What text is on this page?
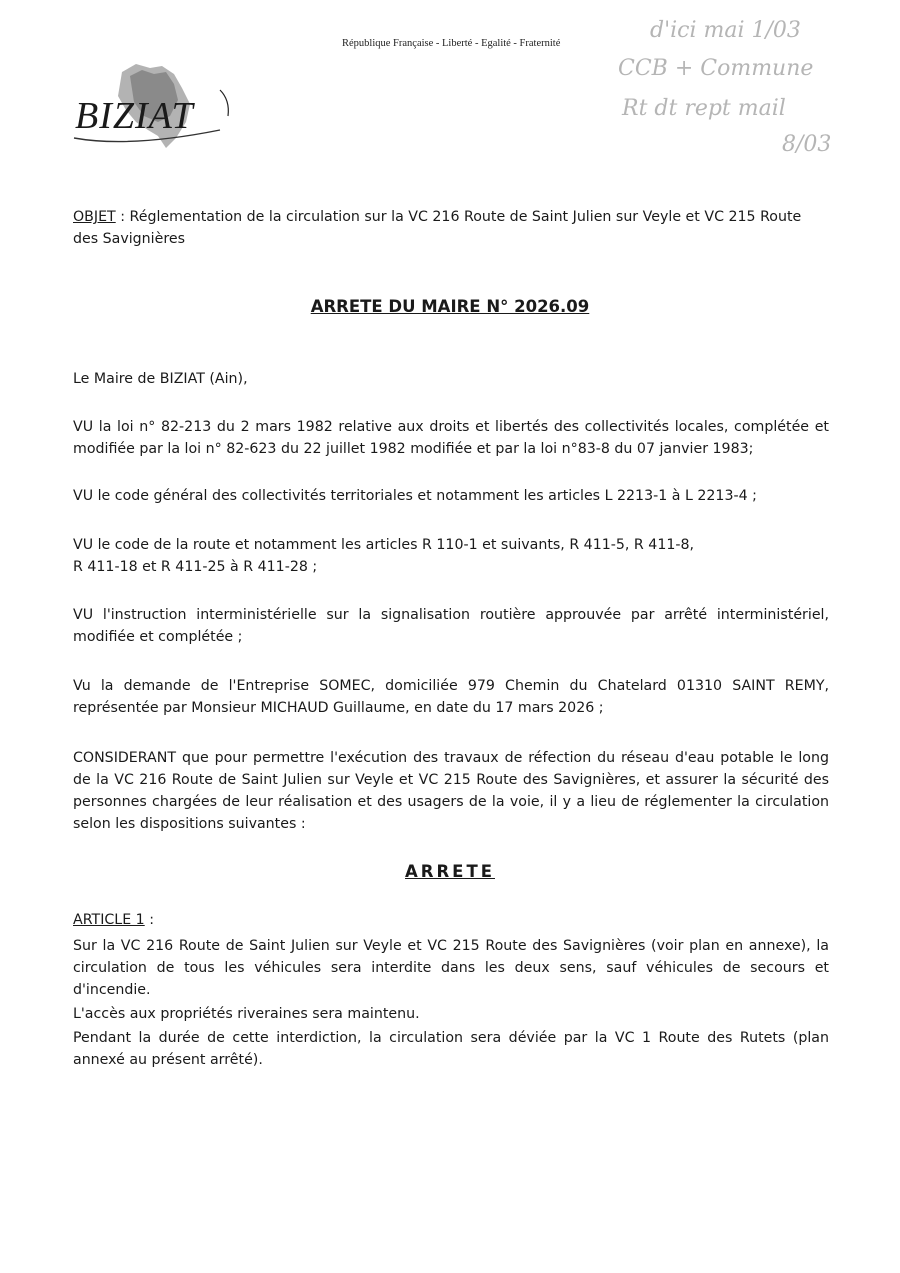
République Française - Liberté - Egalité - Fraternité
BIZIAT
d'ici mai 1/03
CCB + Commune
Rt dt rept mail
8/03

OBJET : Réglementation de la circulation sur la VC 216 Route de Saint Julien sur Veyle et VC 215 Route des Savignières

ARRETE DU MAIRE N° 2026.09
Le Maire de BIZIAT (Ain),
VU la loi n° 82-213 du 2 mars 1982 relative aux droits et libertés des collectivités locales, complétée et modifiée par la loi n° 82-623 du 22 juillet 1982 modifiée et par la loi n°83-8 du 07 janvier 1983;
VU le code général des collectivités territoriales et notamment les articles L 2213-1 à L 2213-4 ;
VU le code de la route et notamment les articles R 110-1 et suivants, R 411-5, R 411-8,
R 411-18 et R 411-25 à R 411-28 ;
VU l'instruction interministérielle sur la signalisation routière approuvée par arrêté interministériel, modifiée et complétée ;
Vu la demande de l'Entreprise SOMEC, domiciliée 979 Chemin du Chatelard 01310 SAINT REMY, représentée par Monsieur MICHAUD Guillaume, en date du 17 mars 2026 ;
CONSIDERANT que pour permettre l'exécution des travaux de réfection du réseau d'eau potable le long de la VC 216 Route de Saint Julien sur Veyle et VC 215 Route des Savignières, et assurer la sécurité des personnes chargées de leur réalisation et des usagers de la voie, il y a lieu de réglementer la circulation selon les dispositions suivantes :
ARRETE
ARTICLE 1 :
Sur la VC 216 Route de Saint Julien sur Veyle et VC 215 Route des Savignières (voir plan en annexe), la circulation de tous les véhicules sera interdite dans les deux sens, sauf véhicules de secours et d'incendie.
L'accès aux propriétés riveraines sera maintenu.
Pendant la durée de cette interdiction, la circulation sera déviée par la VC 1 Route des Rutets (plan annexé au présent arrêté).
